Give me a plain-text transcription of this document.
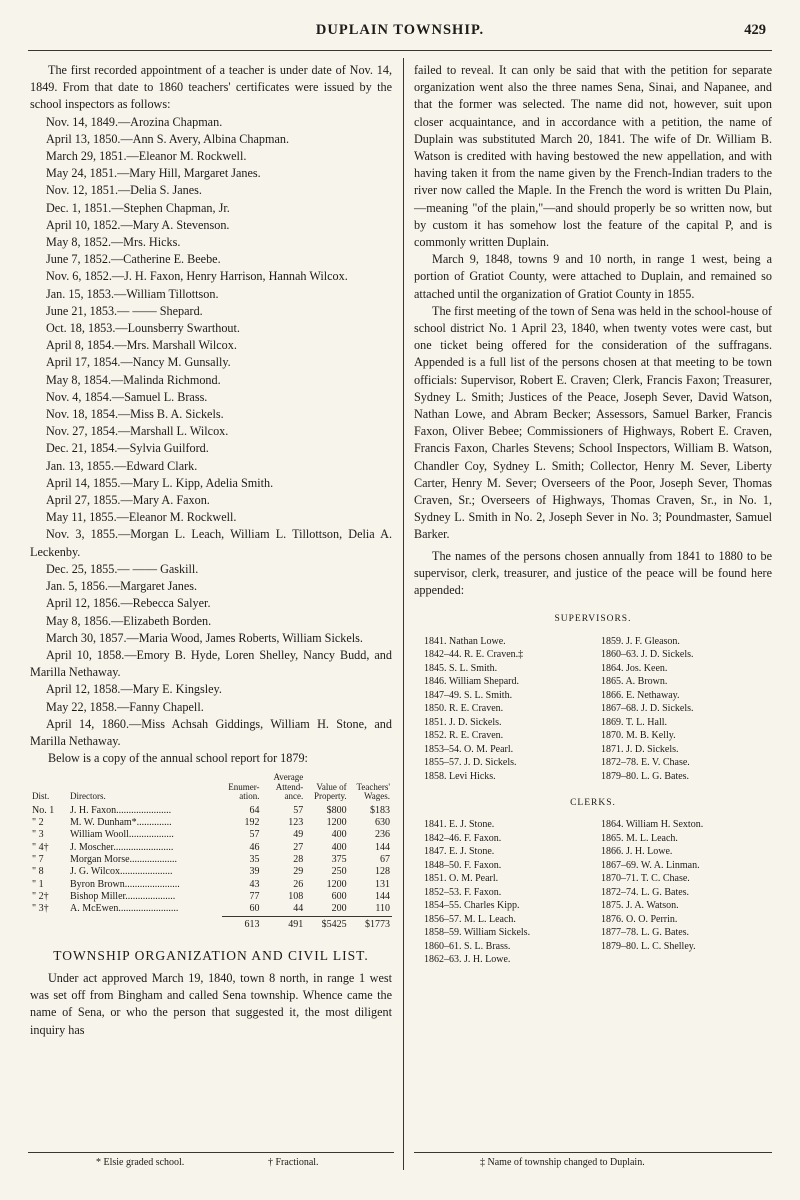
DUPLAIN TOWNSHIP.	429

The first recorded appointment of a teacher is under date of Nov. 14, 1849. From that date to 1860 teachers' certificates were issued by the school inspectors as follows:

Nov. 14, 1849.—Arozina Chapman.

April 13, 1850.—Ann S. Avery, Albina Chapman.

March 29, 1851.—Eleanor M. Rockwell.

May 24, 1851.—Mary Hill, Margaret Janes.

Nov. 12, 1851.—Delia S. Janes.

Dec. 1, 1851.—Stephen Chapman, Jr.

April 10, 1852.—Mary A. Stevenson.

May 8, 1852.—Mrs. Hicks.

June 7, 1852.—Catherine E. Beebe.

Nov. 6, 1852.—J. H. Faxon, Henry Harrison, Hannah Wilcox.

Jan. 15, 1853.—William Tillottson.

June 21, 1853.— —— Shepard.

Oct. 18, 1853.—Lounsberry Swarthout.

April 8, 1854.—Mrs. Marshall Wilcox.

April 17, 1854.—Nancy M. Gunsally.

May 8, 1854.—Malinda Richmond.

Nov. 4, 1854.—Samuel L. Brass.

Nov. 18, 1854.—Miss B. A. Sickels.

Nov. 27, 1854.—Marshall L. Wilcox.

Dec. 21, 1854.—Sylvia Guilford.

Jan. 13, 1855.—Edward Clark.

April 14, 1855.—Mary L. Kipp, Adelia Smith.

April 27, 1855.—Mary A. Faxon.

May 11, 1855.—Eleanor M. Rockwell.

Nov. 3, 1855.—Morgan L. Leach, William L. Tillottson, Delia A. Leckenby.

Dec. 25, 1855.— —— Gaskill.

Jan. 5, 1856.—Margaret Janes.

April 12, 1856.—Rebecca Salyer.

May 8, 1856.—Elizabeth Borden.

March 30, 1857.—Maria Wood, James Roberts, William Sickels.

April 10, 1858.—Emory B. Hyde, Loren Shelley, Nancy Budd, and Marilla Nethaway.

April 12, 1858.—Mary E. Kingsley.

May 22, 1858.—Fanny Chapell.

April 14, 1860.—Miss Achsah Giddings, William H. Stone, and Marilla Nethaway.

Below is a copy of the annual school report for 1879:

Dist.	Directors.	Enumer-ation.	Average Attend-ance.	Value of Property.	Teachers' Wages.
No. 1	J. H. Faxon......................	64	57	$800	$183
" 2	M. W. Dunham*..............	192	123	1200	630
" 3	William Wooll..................	57	49	400	236
" 4†	J. Moscher........................	46	27	400	144
" 7	Morgan Morse...................	35	28	375	67
" 8	J. G. Wilcox.....................	39	29	250	128
" 1	Byron Brown......................	43	26	1200	131
" 2†	Bishop Miller....................	77	108	600	144
" 3†	A. McEwen........................	60	44	200	110
		613	491	$5425	$1773
TOWNSHIP ORGANIZATION AND CIVIL LIST.

Under act approved March 19, 1840, town 8 north, in range 1 west was set off from Bingham and called Sena township. Whence came the name of Sena, or who the person that suggested it, the most diligent inquiry has

failed to reveal. It can only be said that with the petition for separate organization went also the three names Sena, Sinai, and Napanee, and that the former was selected. The name did not, however, suit upon closer acquaintance, and in accordance with a petition, the name of Duplain was substituted March 20, 1841. The wife of Dr. William B. Watson is credited with having bestowed the new appellation, and with having taken it from the name given by the French-Indian traders to the river now called the Maple. In the French the word is written Du Plain,—meaning "of the plain,"—and should properly be so written now, but by custom it has somehow lost the feature of the capital P, and is commonly written Duplain.

March 9, 1848, towns 9 and 10 north, in range 1 west, being a portion of Gratiot County, were attached to Duplain, and remained so attached until the organization of Gratiot County in 1855.

The first meeting of the town of Sena was held in the school-house of school district No. 1 April 23, 1840, when twenty votes were cast, but one ticket being offered for the consideration of the suffragans. Appended is a full list of the persons chosen at that meeting to be town officials: Supervisor, Robert E. Craven; Clerk, Francis Faxon; Treasurer, Sydney L. Smith; Justices of the Peace, Joseph Sever, David Watson, Nathan Lowe, and Abram Becker; Assessors, Samuel Barker, Francis Faxon, Oliver Bebee; Commissioners of Highways, Robert E. Craven, Francis Faxon, Charles Stevens; School Inspectors, William B. Watson, Chandler Coy, Sydney L. Smith; Collector, Henry M. Sever, Liberty Carter, Henry M. Sever; Overseers of the Poor, Joseph Sever, Thomas Craven, Sr.; Overseers of Highways, Thomas Craven, Sr., in No. 1, Sydney L. Smith in No. 2, Joseph Sever in No. 3; Poundmaster, Samuel Barker.

The names of the persons chosen annually from 1841 to 1880 to be supervisor, clerk, treasurer, and justice of the peace will be found here appended:

SUPERVISORS.
1841. Nathan Lowe.
1842–44. R. E. Craven.‡
1845. S. L. Smith.
1846. William Shepard.
1847–49. S. L. Smith.
1850. R. E. Craven.
1851. J. D. Sickels.
1852. R. E. Craven.
1853–54. O. M. Pearl.
1855–57. J. D. Sickels.
1858. Levi Hicks.
1859. J. F. Gleason.
1860–63. J. D. Sickels.
1864. Jos. Keen.
1865. A. Brown.
1866. E. Nethaway.
1867–68. J. D. Sickels.
1869. T. L. Hall.
1870. M. B. Kelly.
1871. J. D. Sickels.
1872–78. E. V. Chase.
1879–80. L. G. Bates.
CLERKS.
1841. E. J. Stone.
1842–46. F. Faxon.
1847. E. J. Stone.
1848–50. F. Faxon.
1851. O. M. Pearl.
1852–53. F. Faxon.
1854–55. Charles Kipp.
1856–57. M. L. Leach.
1858–59. William Sickels.
1860–61. S. L. Brass.
1862–63. J. H. Lowe.
1864. William H. Sexton.
1865. M. L. Leach.
1866. J. H. Lowe.
1867–69. W. A. Linman.
1870–71. T. C. Chase.
1872–74. L. G. Bates.
1875. J. A. Watson.
1876. O. O. Perrin.
1877–78. L. G. Bates.
1879–80. L. C. Shelley.
* Elsie graded school.	† Fractional.	‡ Name of township changed to Duplain.
